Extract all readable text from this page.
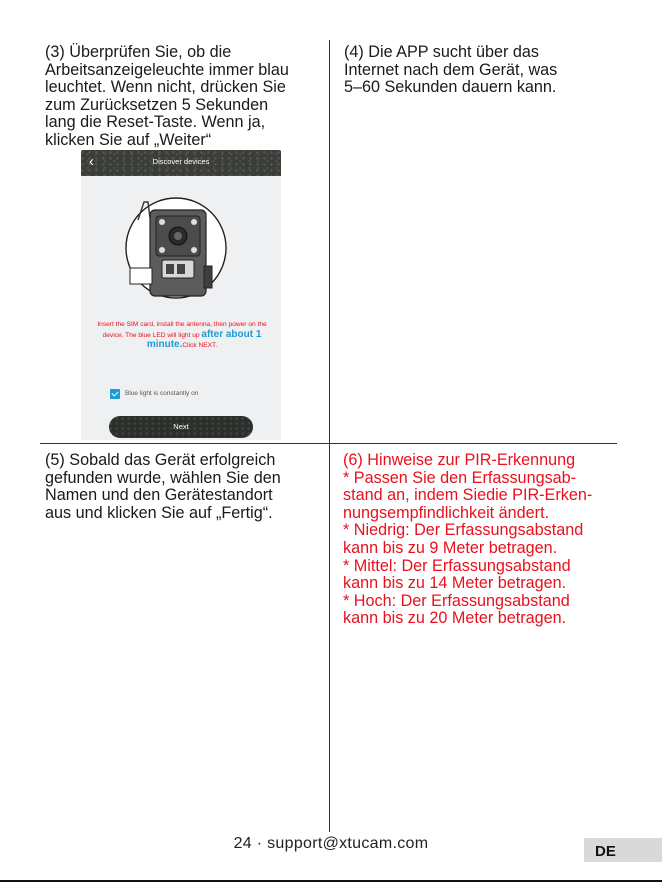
(3) Überprüfen Sie, ob die
Arbeitsanzeigeleuchte immer blau
leuchtet. Wenn nicht, drücken Sie
zum Zurücksetzen 5 Sekunden
lang die Reset-Taste. Wenn ja,
klicken Sie auf „Weiter“

(4) Die APP sucht über das
Internet nach dem Gerät, was
5–60 Sekunden dauern kann.

(5) Sobald das Gerät erfolgreich
gefunden wurde, wählen Sie den
Namen und den Gerätestandort
aus und klicken Sie auf „Fertig“.

(6) Hinweise zur PIR-Erkennung
* Passen Sie den Erfassungsab-
stand an, indem Siedie PIR-Erken-
nungsempfindlichkeit ändert.
* Niedrig: Der Erfassungsabstand
kann bis zu 9 Meter betragen.
* Mittel: Der Erfassungsabstand
kann bis zu 14 Meter betragen.
* Hoch: Der Erfassungsabstand
kann bis zu 20 Meter betragen.

‹	Discover devices
Insert the SIM card, install the antenna, then power on the device. The blue LED will light up after about 1
minute.Click NEXT.
Blue light is constantly on
Next
24 · support@xtucam.com	DE
